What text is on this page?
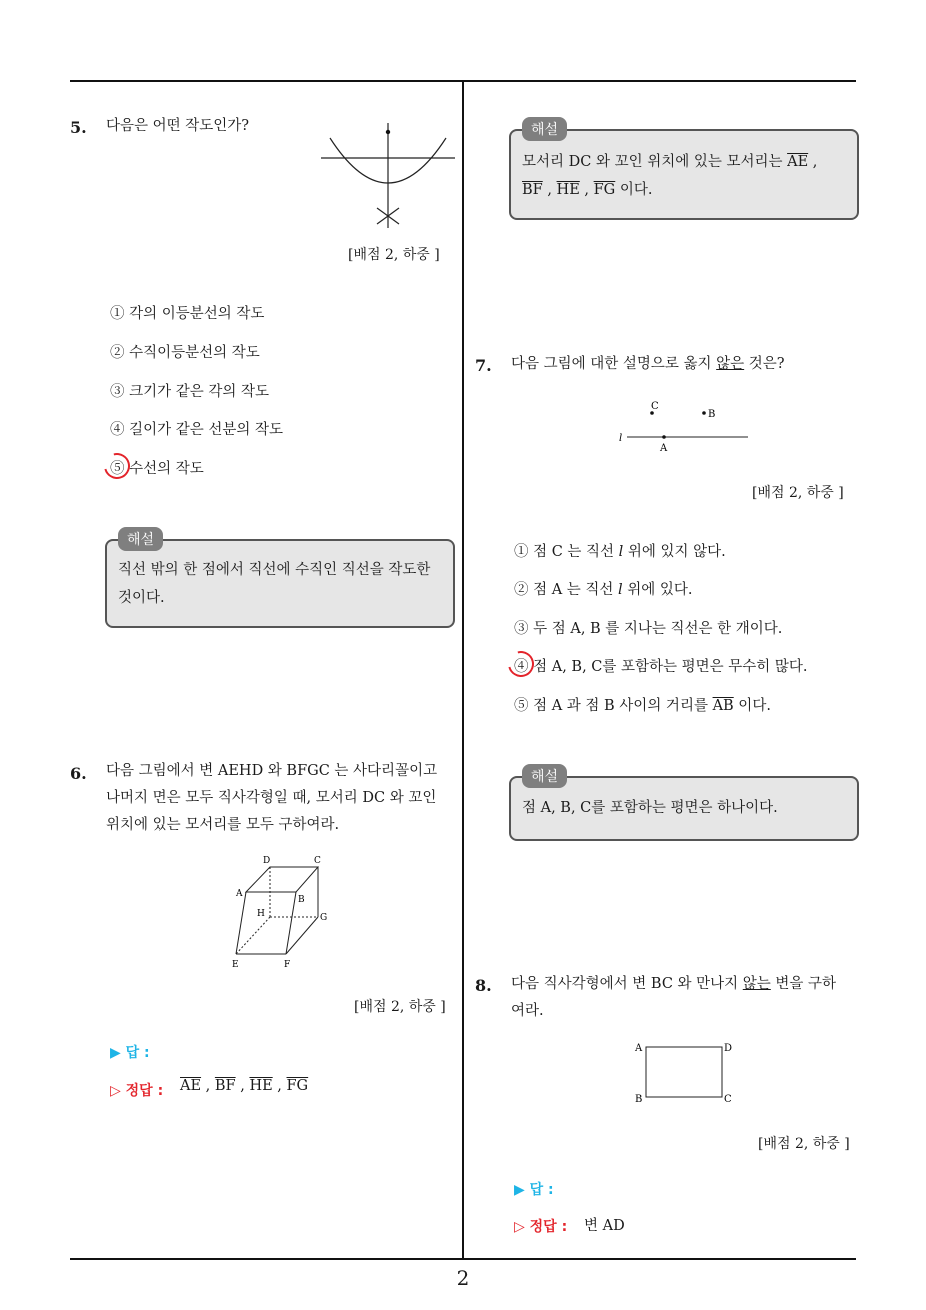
2
5. 다음은 어떤 작도인가?
[배점 2, 하중 ]
① 각의 이등분선의 작도
② 수직이등분선의 작도
③ 크기가 같은 각의 작도
④ 길이가 같은 선분의 작도
⑤ 수선의 작도
해설
직선 밖의 한 점에서 직선에 수직인 직선을 작도한
것이다.
6. 다음 그림에서 변 AEHD 와 BFGC 는 사다리꼴이고
나머지 면은 모두 직사각형일 때, 모서리 DC 와 꼬인
위치에 있는 모서리를 모두 구하여라.
D	C
A
B
H	G
E	F
[배점 2, 하중 ]
▶ 답 :
▷ 정답 : $\overline{AE}$ , $\overline{BF}$ , $\overline{HE}$ , $\overline{FG}$
해설
모서리 DC 와 꼬인 위치에 있는 모서리는 $\overline{AE}$ ,
$\overline{BF}$ , $\overline{HE}$ , $\overline{FG}$ 이다.
7. 다음 그림에 대한 설명으로 옳지 않은 것은?
C
B
A
l
[배점 2, 하중 ]
① 점 C 는 직선 l 위에 있지 않다.
② 점 A 는 직선 l 위에 있다.
③ 두 점 A, B 를 지나는 직선은 한 개이다.
④ 점 A, B, C를 포함하는 평면은 무수히 많다.
⑤ 점 A 과 점 B 사이의 거리를 $\overline{AB}$ 이다.
해설
점 A, B, C를 포함하는 평면은 하나이다.
8. 다음 직사각형에서 변 BC 와 만나지 않는 변을 구하
여라.
A	D
B	C
[배점 2, 하중 ]
▶ 답 :
▷ 정답 : 변 AD
